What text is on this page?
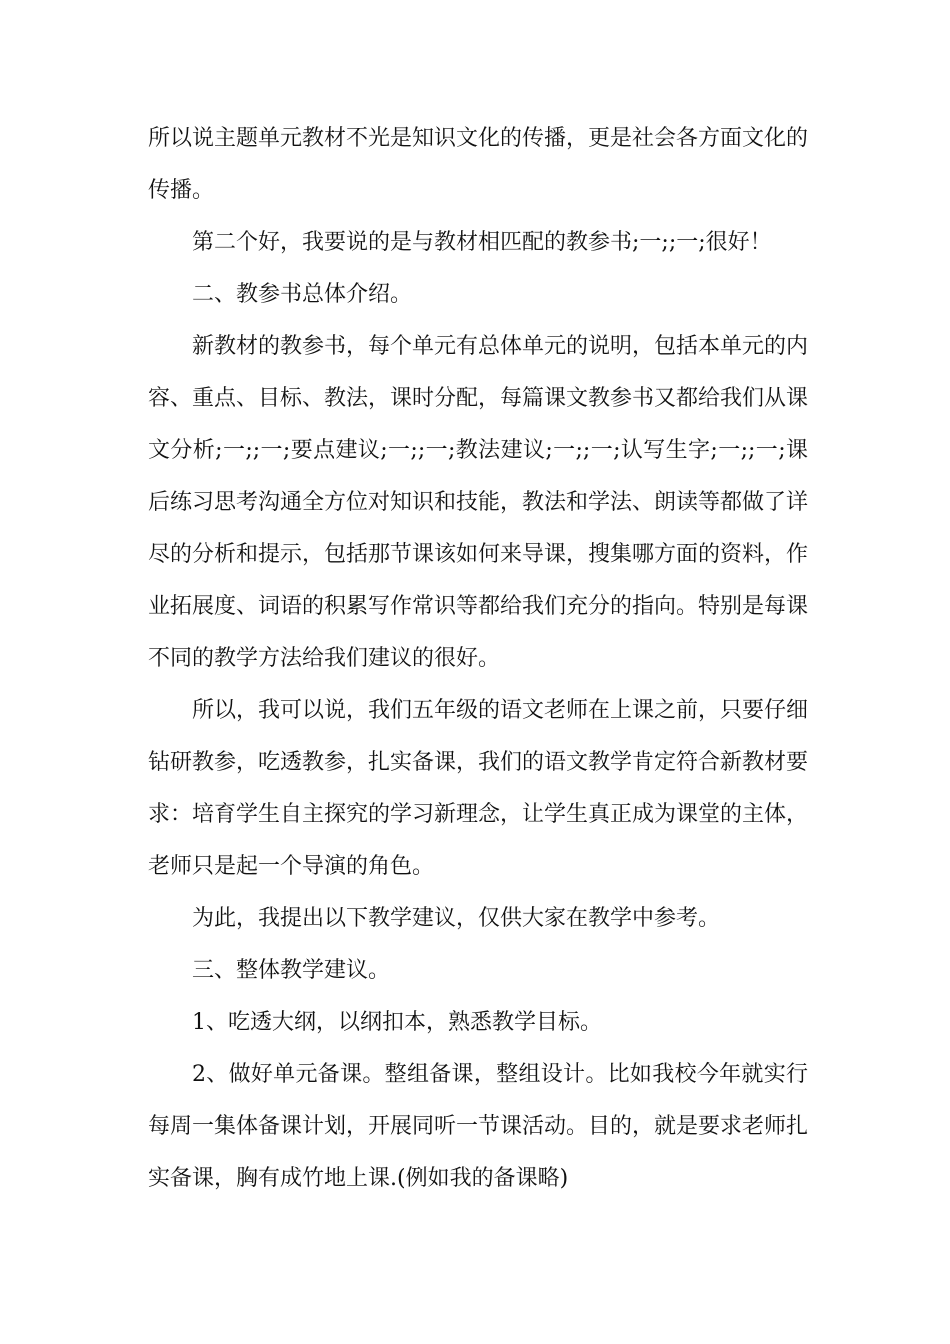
所以说主题单元教材不光是知识文化的传播，更是社会各方面文化的传播。

第二个好，我要说的是与教材相匹配的教参书;一;;一;很好！

二、教参书总体介绍。

新教材的教参书，每个单元有总体单元的说明，包括本单元的内容、重点、目标、教法，课时分配，每篇课文教参书又都给我们从课文分析;一;;一;要点建议;一;;一;教法建议;一;;一;认写生字;一;;一;课后练习思考沟通全方位对知识和技能，教法和学法、朗读等都做了详尽的分析和提示，包括那节课该如何来导课，搜集哪方面的资料，作业拓展度、词语的积累写作常识等都给我们充分的指向。特别是每课不同的教学方法给我们建议的很好。

所以，我可以说，我们五年级的语文老师在上课之前，只要仔细钻研教参，吃透教参，扎实备课，我们的语文教学肯定符合新教材要求：培育学生自主探究的学习新理念，让学生真正成为课堂的主体，老师只是起一个导演的角色。

为此，我提出以下教学建议，仅供大家在教学中参考。

三、整体教学建议。

1、吃透大纲，以纲扣本，熟悉教学目标。

2、做好单元备课。整组备课，整组设计。比如我校今年就实行每周一集体备课计划，开展同听一节课活动。目的，就是要求老师扎实备课，胸有成竹地上课.(例如我的备课略)
